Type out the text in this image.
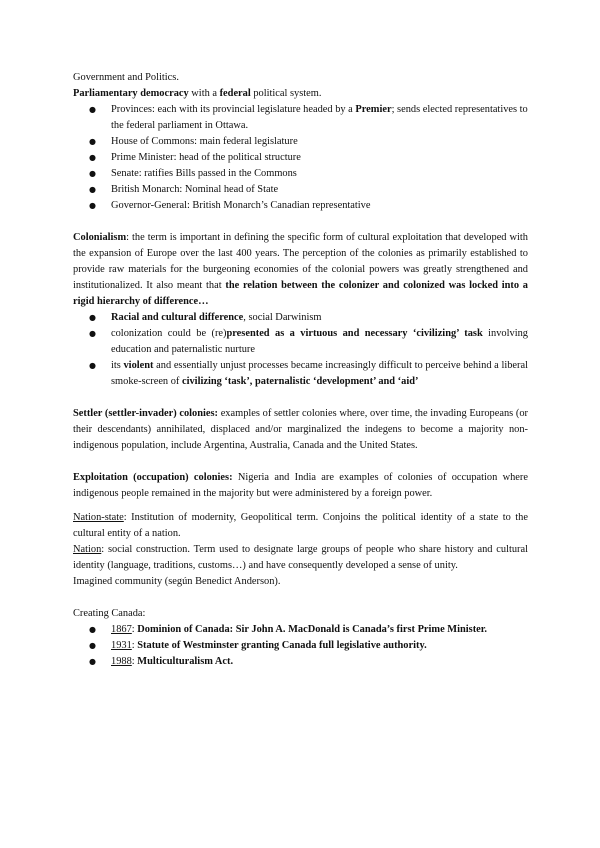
Government and Politics.

Parliamentary democracy with a federal political system.

● Provinces: each with its provincial legislature headed by a Premier; sends elected representatives to the federal parliament in Ottawa.
● House of Commons: main federal legislature
● Prime Minister: head of the political structure
● Senate: ratifies Bills passed in the Commons
● British Monarch: Nominal head of State
● Governor-General: British Monarch’s Canadian representative

Colonialism: the term is important in defining the specific form of cultural exploitation that developed with the expansion of Europe over the last 400 years. The perception of the colonies as primarily established to provide raw materials for the burgeoning economies of the colonial powers was greatly strengthened and institutionalized. It also meant that the relation between the colonizer and colonized was locked into a rigid hierarchy of difference…

● Racial and cultural difference, social Darwinism
● colonization could be (re)presented as a virtuous and necessary ‘civilizing’ task involving education and paternalistic nurture
● its violent and essentially unjust processes became increasingly difficult to perceive behind a liberal smoke-screen of civilizing ‘task’, paternalistic ‘development’ and ‘aid’

Settler (settler-invader) colonies: examples of settler colonies where, over time, the invading Europeans (or their descendants) annihilated, displaced and/or marginalized the indegens to become a majority non-indigenous population, include Argentina, Australia, Canada and the United States.

Exploitation (occupation) colonies: Nigeria and India are examples of colonies of occupation where indigenous people remained in the majority but were administered by a foreign power.

Nation-state: Institution of modernity, Geopolitical term. Conjoins the political identity of a state to the cultural entity of a nation.

Nation: social construction. Term used to designate large groups of people who share history and cultural identity (language, traditions, customs…) and have consequently developed a sense of unity.

Imagined community (según Benedict Anderson).

Creating Canada:

● 1867: Dominion of Canada: Sir John A. MacDonald is Canada’s first Prime Minister.
● 1931: Statute of Westminster granting Canada full legislative authority.
● 1988: Multiculturalism Act.
